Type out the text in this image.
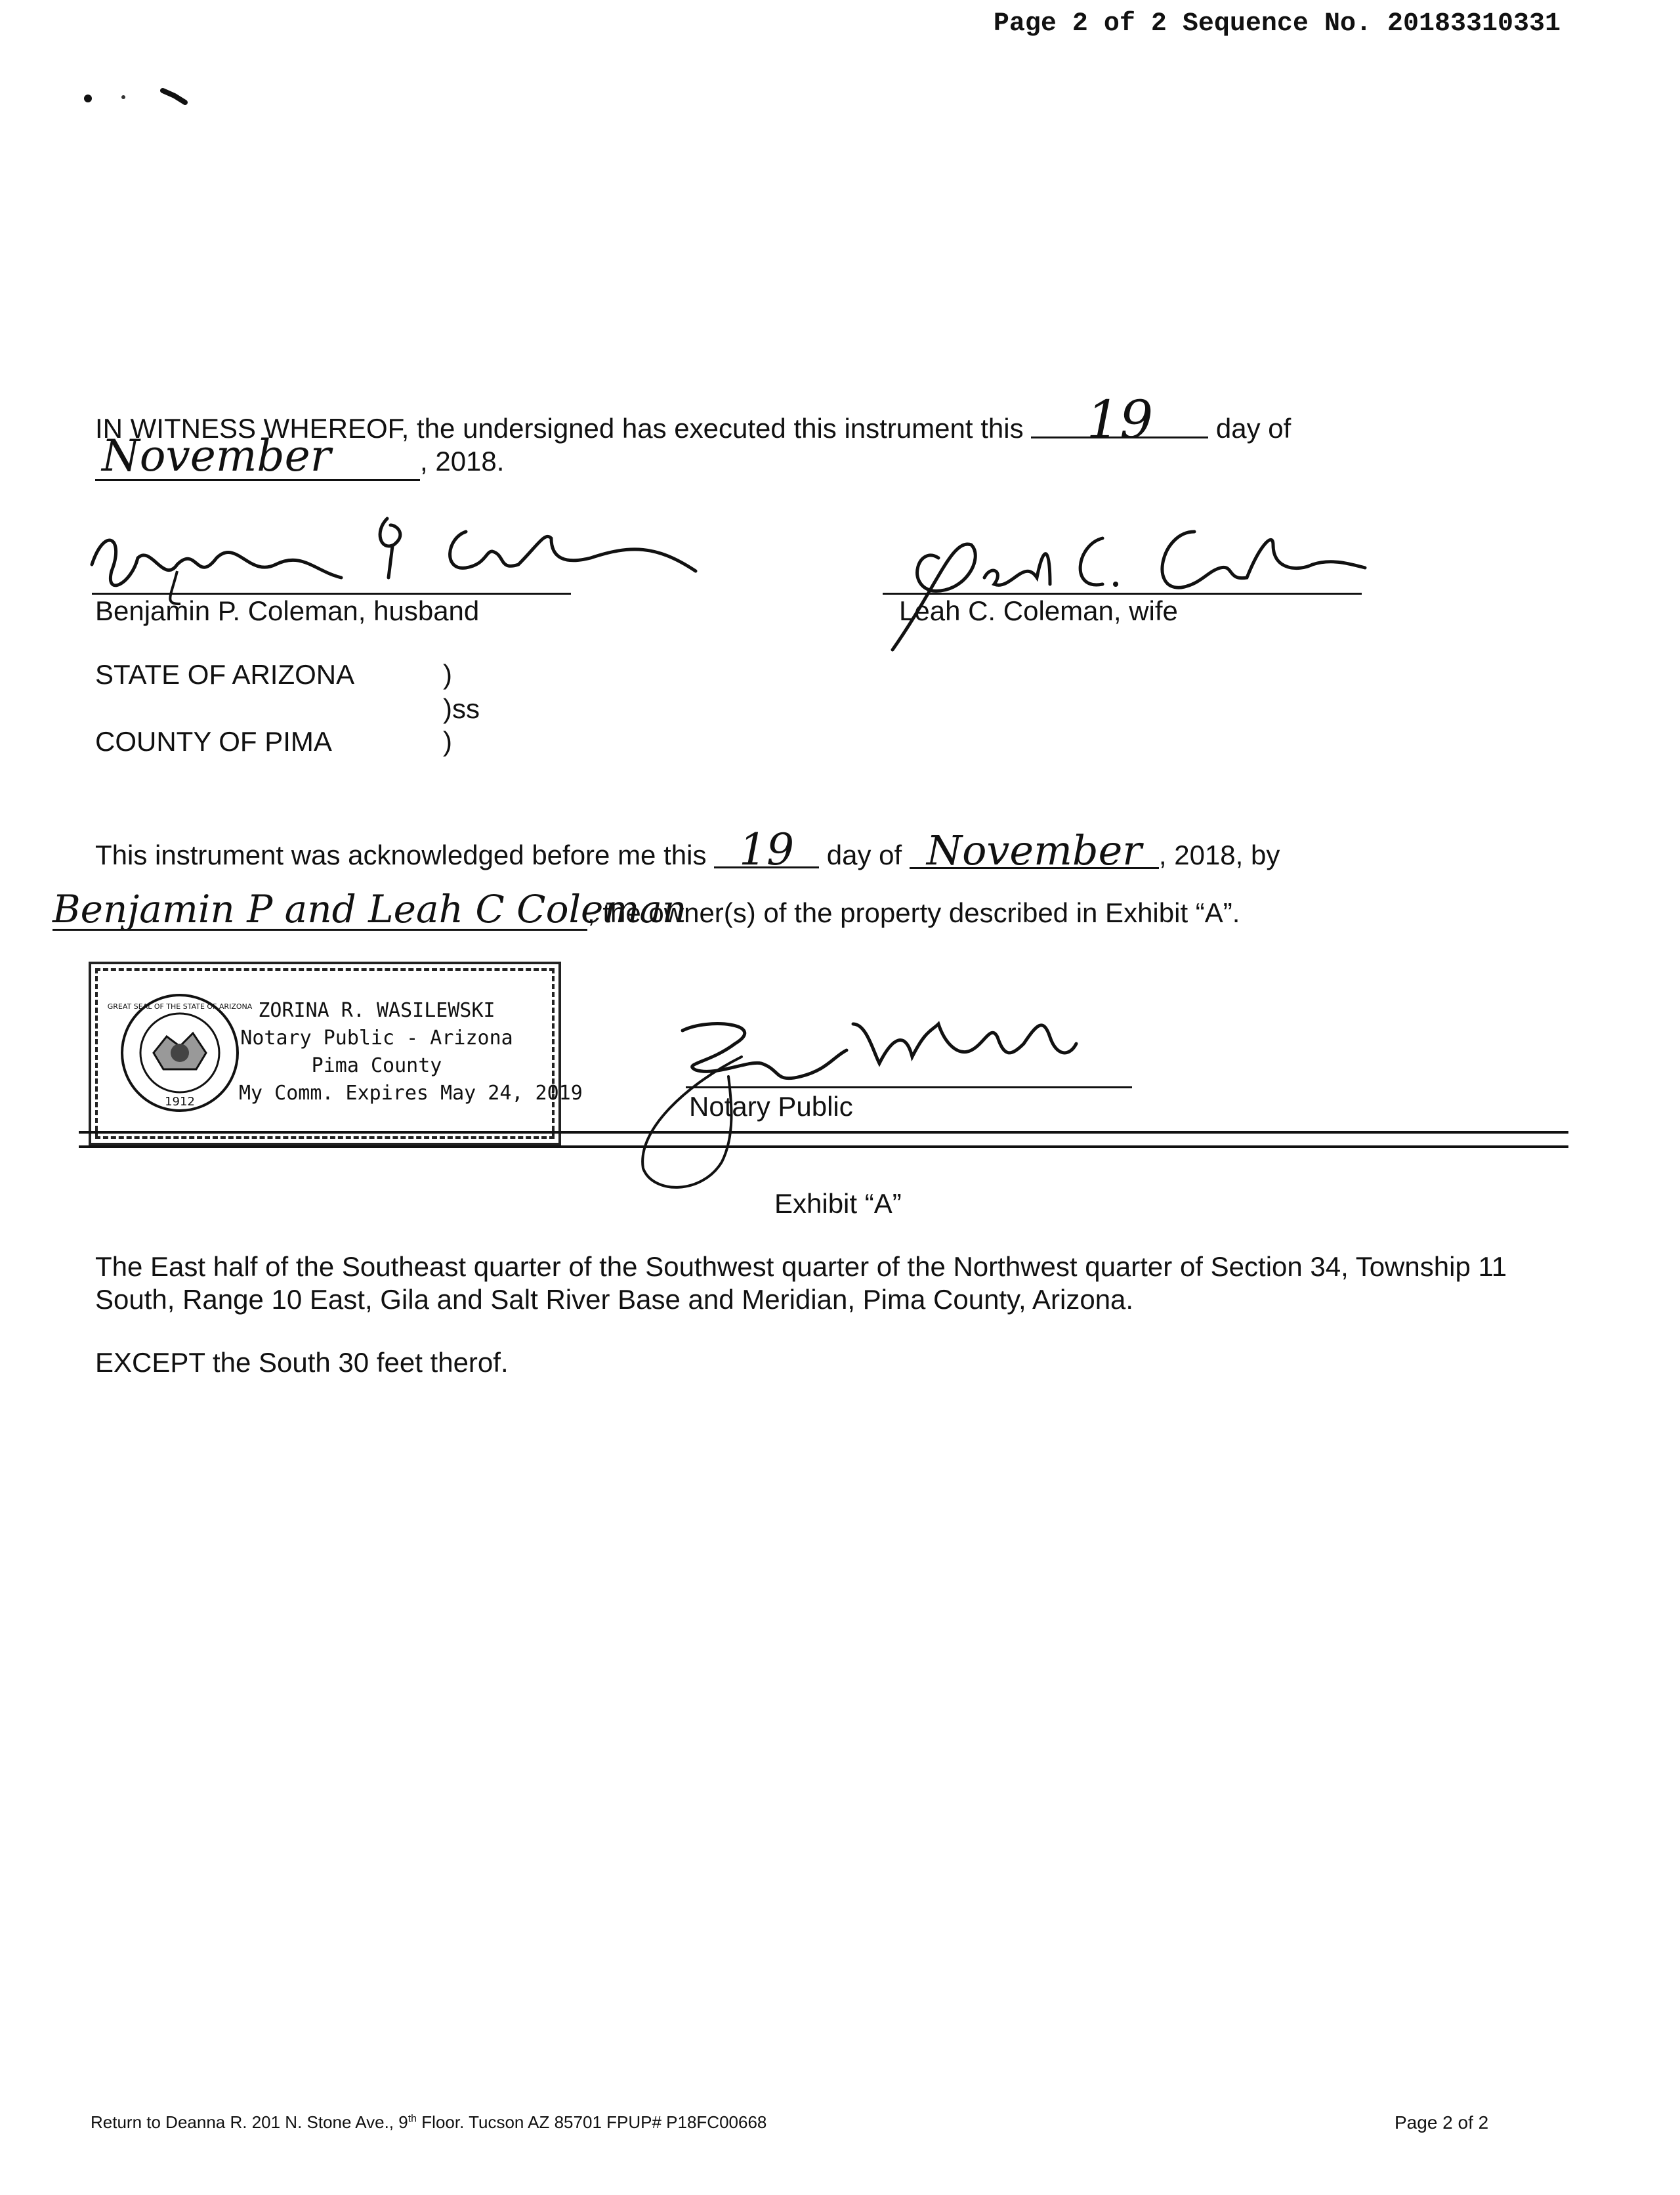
Page 2 of 2 Sequence No. 20183310331
IN WITNESS WHEREOF, the undersigned has executed this instrument this 19 day of
November	, 2018.
Benjamin P. Coleman, husband	Leah C. Coleman, wife
STATE OF ARIZONA	)
)ss
COUNTY OF PIMA	)
This instrument was acknowledged before me this 19 day of November , 2018, by
Benjamin P and Leah C Coleman, the owner(s) of the property described in Exhibit “A”.
1912
GREAT SEAL OF THE STATE OF ARIZONA ZORINA R. WASILEWSKI
Notary Public - Arizona
Pima County
My Comm. Expires May 24, 2019	Notary Public
Exhibit “A”
The East half of the Southeast quarter of the Southwest quarter of the Northwest quarter of Section 34, Township 11
South, Range 10 East, Gila and Salt River Base and Meridian, Pima County, Arizona.
EXCEPT the South 30 feet therof.
Return to Deanna R. 201 N. Stone Ave., 9th Floor. Tucson AZ 85701 FPUP# P18FC00668	Page 2 of 2
